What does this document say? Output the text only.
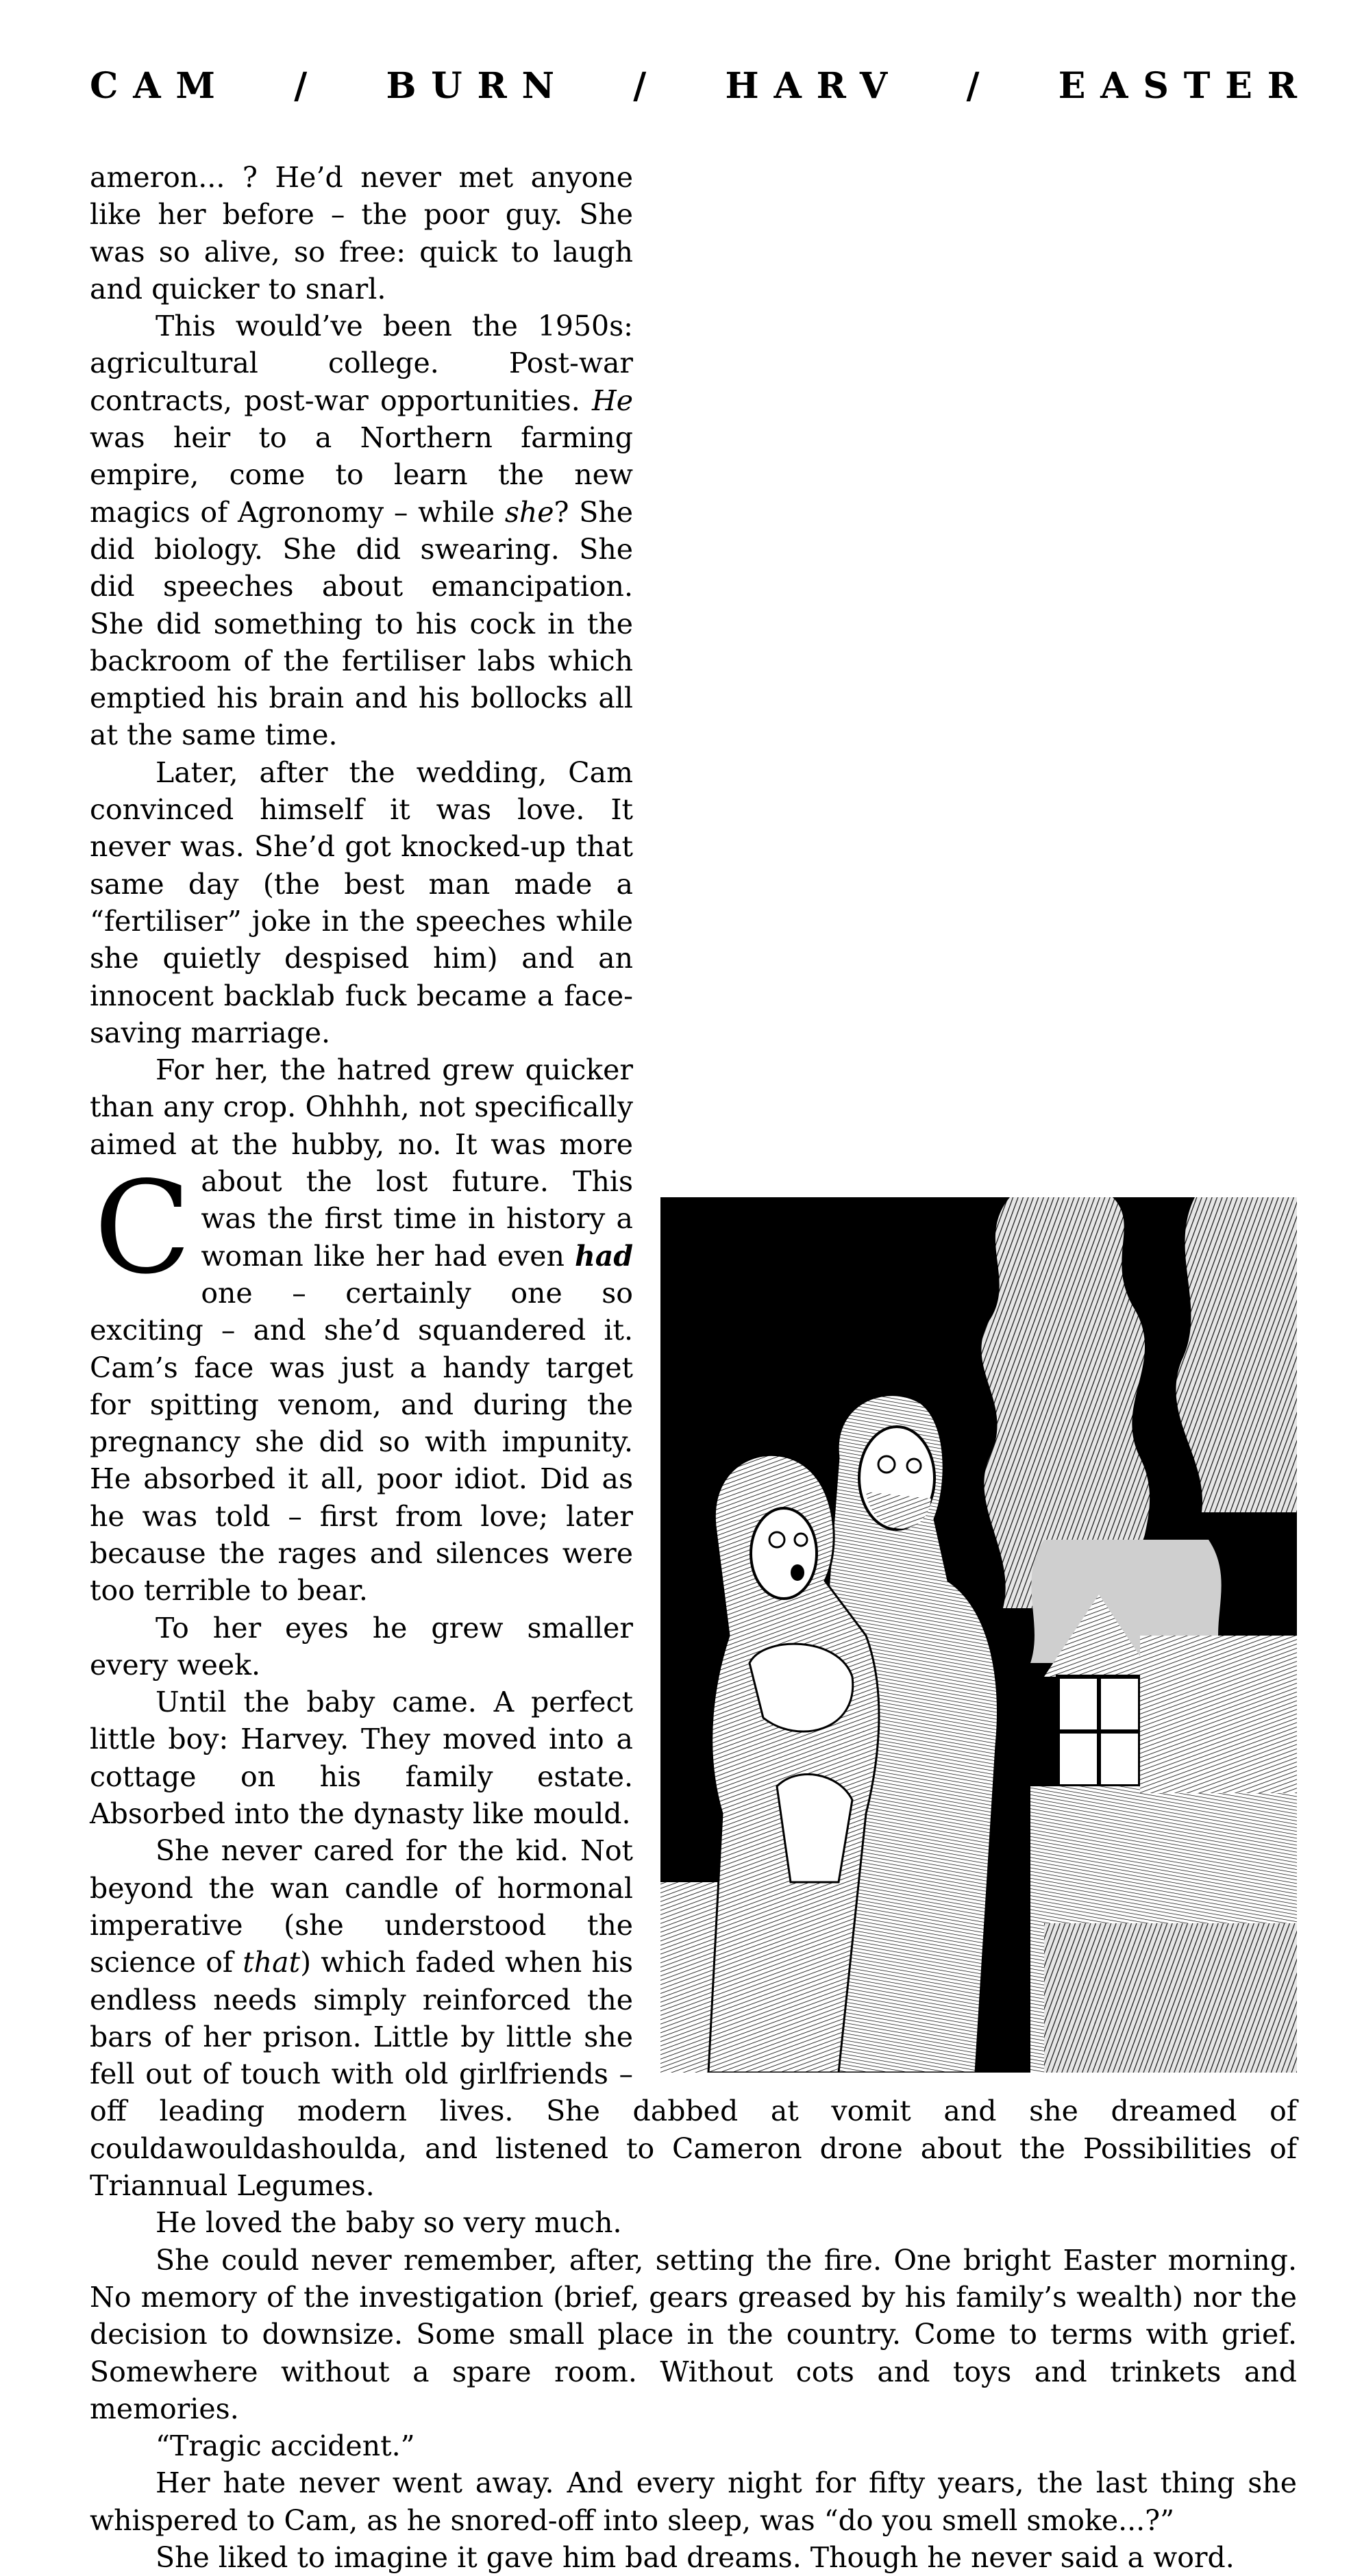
CAM / BURN / HARV / EASTER

C
ameron... ? He’d never met anyone like her before – the poor guy. She was so alive, so free: quick to laugh and quicker to snarl.

This would’ve been the 1950s: agricultural college. Post-war contracts, post-war opportunities. He was heir to a Northern farming empire, come to learn the new magics of Agronomy – while she? She did biology. She did swearing. She did speeches about emancipation. She did something to his cock in the backroom of the fertiliser labs which emptied his brain and his bollocks all at the same time.

Later, after the wedding, Cam convinced himself it was love. It never was. She’d got knocked-up that same day (the best man made a “fertiliser” joke in the speeches while she quietly despised him) and an innocent backlab fuck became a face-saving marriage.

For her, the hatred grew quicker than any crop. Ohhhh, not specifically aimed at the hubby, no. It was more about the lost future. This was the first time in history a woman like her had even had one – certainly one so exciting – and she’d squandered it. Cam’s face was just a handy target for spitting venom, and during the pregnancy she did so with impunity. He absorbed it all, poor idiot. Did as he was told – first from love; later because the rages and silences were too terrible to bear.

To her eyes he grew smaller every week.

Until the baby came. A perfect little boy: Harvey. They moved into a cottage on his family estate. Absorbed into the dynasty like mould.

She never cared for the kid. Not beyond the wan candle of hormonal imperative (she understood the science of that) which faded when his endless needs simply reinforced the bars of her prison. Little by little she fell out of touch with old girlfriends – off leading modern lives. She dabbed at vomit and she dreamed of couldawouldashoulda, and listened to Cameron drone about the Possibilities of Triannual Legumes.

He loved the baby so very much.

She could never remember, after, setting the fire. One bright Easter morning. No memory of the investigation (brief, gears greased by his family’s wealth) nor the decision to downsize. Some small place in the country. Come to terms with grief. Somewhere without a spare room. Without cots and toys and trinkets and memories.

“Tragic accident.”

Her hate never went away. And every night for fifty years, the last thing she whispered to Cam, as he snored-off into sleep, was “do you smell smoke...?”

She liked to imagine it gave him bad dreams. Though he never said a word.
